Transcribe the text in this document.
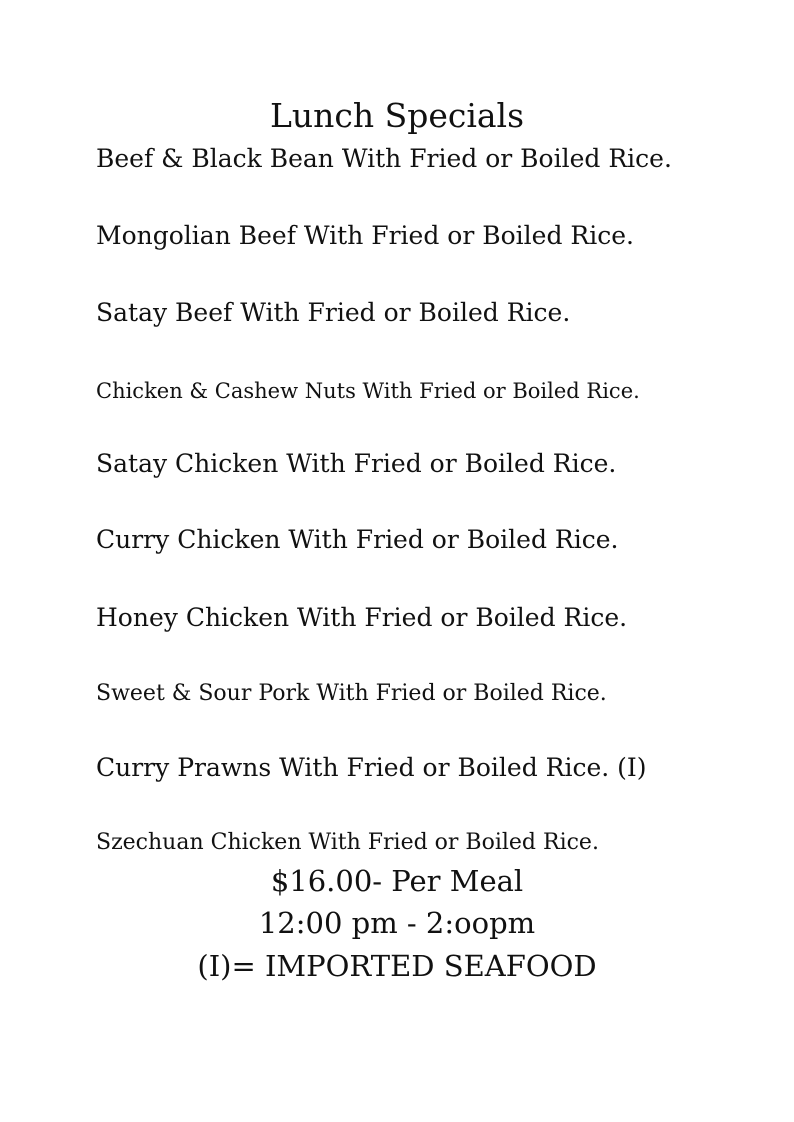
Lunch Specials
Beef & Black Bean With Fried or Boiled Rice.
Mongolian Beef With Fried or Boiled Rice.
Satay Beef With Fried or Boiled Rice.
Chicken & Cashew Nuts With Fried or Boiled Rice.
Satay Chicken With Fried or Boiled Rice.
Curry Chicken With Fried or Boiled Rice.
Honey Chicken With Fried or Boiled Rice.
Sweet & Sour Pork With Fried or Boiled Rice.
Curry Prawns With Fried or Boiled Rice. (I)
Szechuan Chicken With Fried or Boiled Rice.
$16.00- Per Meal
12:00 pm - 2:oopm
(I)= IMPORTED SEAFOOD
